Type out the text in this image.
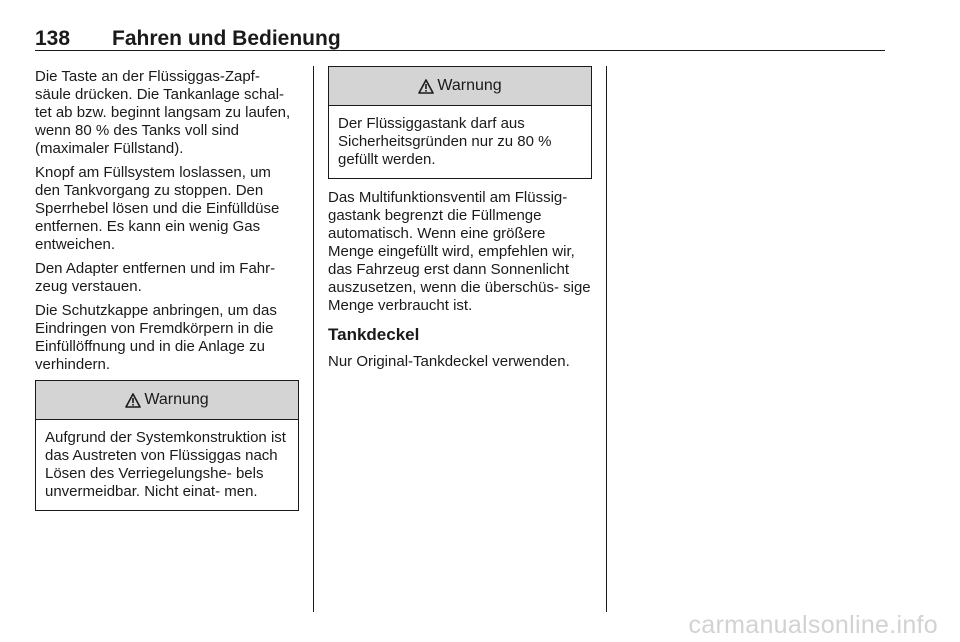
138 Fahren und Bedienung

Die Taste an der Flüssiggas-Zapf- säule drücken. Die Tankanlage schal- tet ab bzw. beginnt langsam zu laufen, wenn 80 % des Tanks voll sind (maximaler Füllstand).

Knopf am Füllsystem loslassen, um den Tankvorgang zu stoppen. Den Sperrhebel lösen und die Einfülldüse entfernen. Es kann ein wenig Gas entweichen.

Den Adapter entfernen und im Fahr- zeug verstauen.

Die Schutzkappe anbringen, um das Eindringen von Fremdkörpern in die Einfüllöffnung und in die Anlage zu verhindern.

Warnung
Aufgrund der Systemkonstruktion ist das Austreten von Flüssiggas nach Lösen des Verriegelungshe- bels unvermeidbar. Nicht einat- men.
Warnung
Der Flüssiggastank darf aus Sicherheitsgründen nur zu 80 % gefüllt werden.

Das Multifunktionsventil am Flüssig- gastank begrenzt die Füllmenge automatisch. Wenn eine größere Menge eingefüllt wird, empfehlen wir, das Fahrzeug erst dann Sonnenlicht auszusetzen, wenn die überschüs- sige Menge verbraucht ist.

Tankdeckel

Nur Original-Tankdeckel verwenden.

carmanualsonline.info
